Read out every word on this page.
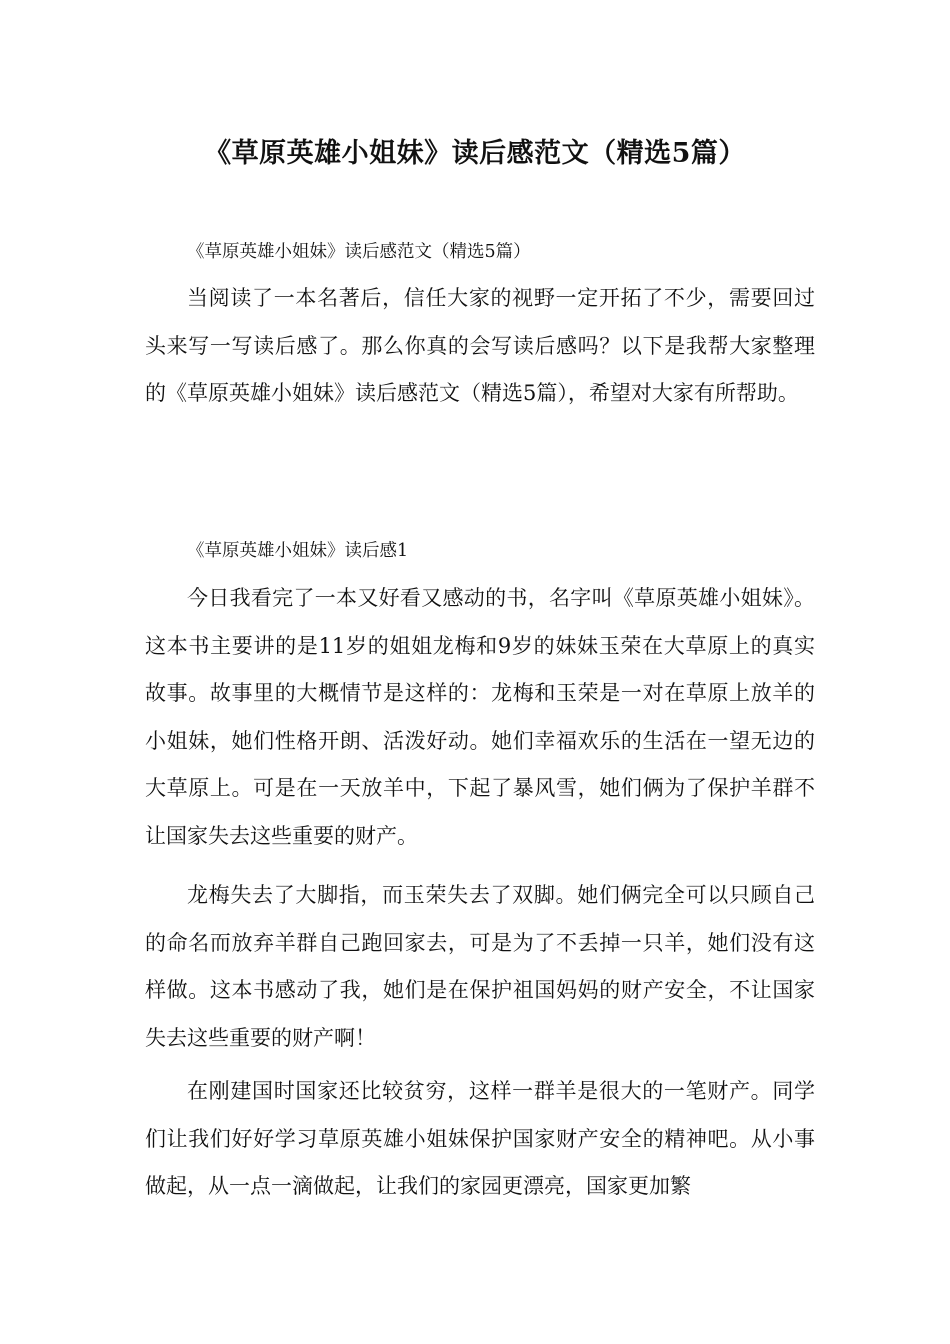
《草原英雄小姐妹》读后感范文（精选5篇）

《草原英雄小姐妹》读后感范文（精选5篇）

当阅读了一本名著后，信任大家的视野一定开拓了不少，需要回过头来写一写读后感了。那么你真的会写读后感吗？以下是我帮大家整理的《草原英雄小姐妹》读后感范文（精选5篇），希望对大家有所帮助。

《草原英雄小姐妹》读后感1

今日我看完了一本又好看又感动的书，名字叫《草原英雄小姐妹》。这本书主要讲的是11岁的姐姐龙梅和9岁的妹妹玉荣在大草原上的真实故事。故事里的大概情节是这样的：龙梅和玉荣是一对在草原上放羊的小姐妹，她们性格开朗、活泼好动。她们幸福欢乐的生活在一望无边的大草原上。可是在一天放羊中，下起了暴风雪，她们俩为了保护羊群不让国家失去这些重要的财产。

龙梅失去了大脚指，而玉荣失去了双脚。她们俩完全可以只顾自己的命名而放弃羊群自己跑回家去，可是为了不丢掉一只羊，她们没有这样做。这本书感动了我，她们是在保护祖国妈妈的财产安全，不让国家失去这些重要的财产啊！

在刚建国时国家还比较贫穷，这样一群羊是很大的一笔财产。同学们让我们好好学习草原英雄小姐妹保护国家财产安全的精神吧。从小事做起，从一点一滴做起，让我们的家园更漂亮，国家更加繁
